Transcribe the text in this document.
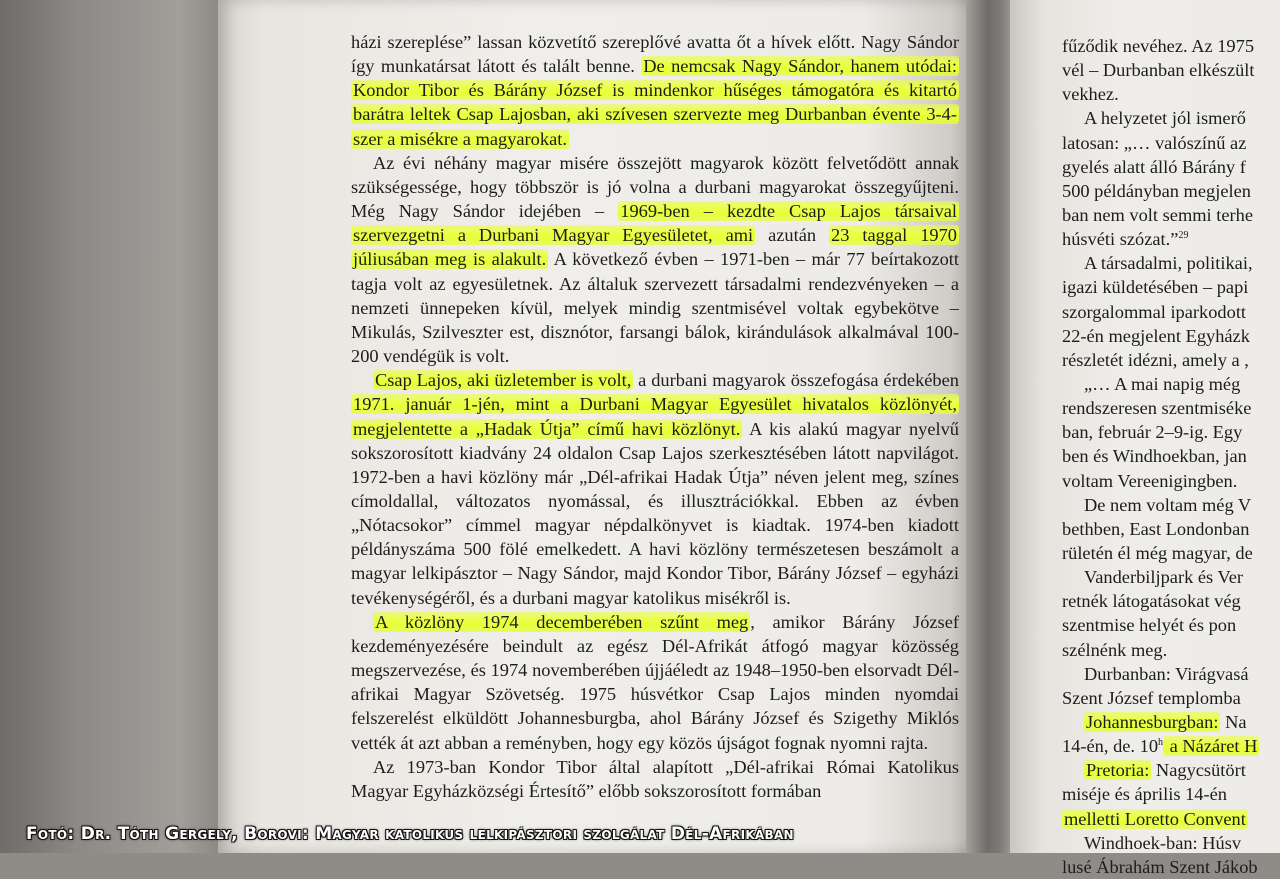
házi szereplése” lassan közvetítő szereplővé avatta őt a hívek előtt. Nagy Sándor így munkatársat látott és talált benne. De nemcsak Nagy Sándor, hanem utódai: Kondor Tibor és Bárány József is mindenkor hűséges támogatóra és kitartó barátra leltek Csap Lajosban, aki szívesen szervezte meg Durbanban évente 3-4-szer a misékre a magyarokat.

Az évi néhány magyar misére összejött magyarok között felvetődött annak szükségessége, hogy többször is jó volna a durbani magyarokat összegyűjteni. Még Nagy Sándor idejében – 1969-ben – kezdte Csap Lajos társaival szervezgetni a Durbani Magyar Egyesületet, ami azután 23 taggal 1970 júliusában meg is alakult. A következő évben – 1971-ben – már 77 beírtakozott tagja volt az egyesületnek. Az általuk szervezett társadalmi rendezvényeken – a nemzeti ünnepeken kívül, melyek mindig szentmisével voltak egybekötve – Mikulás, Szilveszter est, disznótor, farsangi bálok, kirándulások alkalmával 100-200 vendégük is volt.

Csap Lajos, aki üzletember is volt, a durbani magyarok összefogása érdekében 1971. január 1-jén, mint a Durbani Magyar Egyesület hivatalos közlönyét, megjelentette a „Hadak Útja” című havi közlönyt. A kis alakú magyar nyelvű sokszorosított kiadvány 24 oldalon Csap Lajos szerkesztésében látott napvilágot. 1972-ben a havi közlöny már „Dél-afrikai Hadak Útja” néven jelent meg, színes címoldallal, változatos nyomással, és illusztrációkkal. Ebben az évben „Nótacsokor” címmel magyar népdalkönyvet is kiadtak. 1974-ben kiadott példányszáma 500 fölé emelkedett. A havi közlöny természetesen beszámolt a magyar lelkipásztor – Nagy Sándor, majd Kondor Tibor, Bárány József – egyházi tevékenységéről, és a durbani magyar katolikus misékről is.

A közlöny 1974 decemberében szűnt meg , amikor Bárány József kezdeményezésére beindult az egész Dél-Afrikát átfogó magyar közösség megszervezése, és 1974 novemberében újjáéledt az 1948–1950-ben elsorvadt Dél-afrikai Magyar Szövetség. 1975 húsvétkor Csap Lajos minden nyomdai felszerelést elküldött Johannesburgba, ahol Bárány József és Szigethy Miklós vették át azt abban a reményben, hogy egy közös újságot fognak nyomni rajta.

Az 1973-ban Kondor Tibor által alapított „Dél-afrikai Római Katolikus Magyar Egyházközségi Értesítő” előbb sokszorosított formában

fűződik nevéhez. Az 1975
vél – Durbanban elkészült
vekhez.
A helyzetet jól ismerő
latosan: „… valószínű az
gyelés alatt álló Bárány f
500 példányban megjelen
ban nem volt semmi terhe
húsvéti szózat.”$^{29}$
A társadalmi, politikai,
igazi küldetésében – papi
szorgalommal iparkodott
22-én megjelent Egyházk
részletét idézni, amely a ,
„… A mai napig még
rendszeresen szentmiséke
ban, február 2–9-ig. Egy
ben és Windhoekban, jan
voltam Vereenigingben.
De nem voltam még V
bethben, East Londonban
rületén él még magyar, de
Vanderbiljpark és Ver
retnék látogatásokat vég
szentmise helyét és pon
szélnénk meg.
Durbanban: Virágvasá
Szent József templomba
Johannesburgban: Na
14-én, de. 10$^h$ a Názáret H
Pretoria: Nagycsütört
miséje és április 14-én
melletti Loretto Convent
Windhoek-ban: Húsv
lusé Ábrahám Szent Jákob
Fotó: Dr. Tóth Gergely, Borovi: Magyar katolikus lelkipásztori szolgálat Dél-Afrikában
